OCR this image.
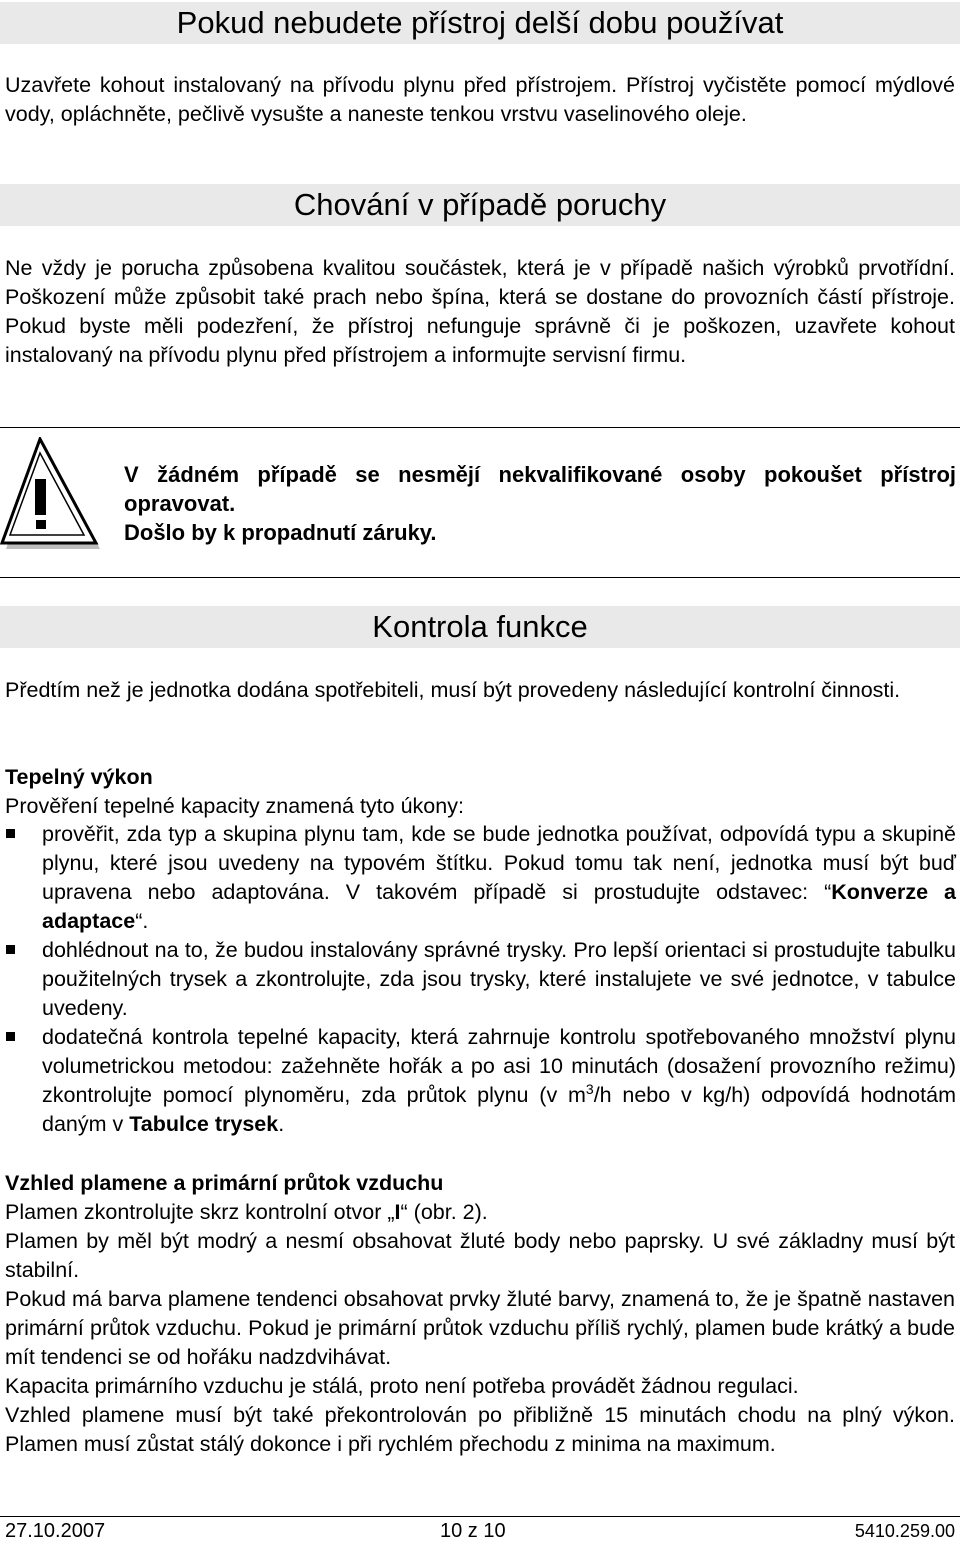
Pokud nebudete přístroj delší dobu používat

Uzavřete kohout instalovaný na přívodu plynu před přístrojem. Přístroj vyčistěte pomocí mýdlové vody, opláchněte, pečlivě vysušte a naneste tenkou vrstvu vaselinového oleje.

Chování v případě poruchy

Ne vždy je porucha způsobena kvalitou součástek, která je v případě našich výrobků prvotřídní. Poškození může způsobit také prach nebo špína, která se dostane do provozních částí přístroje. Pokud byste měli podezření, že přístroj nefunguje správně či je poškozen, uzavřete kohout instalovaný na přívodu plynu před přístrojem a informujte servisní firmu.

V žádném případě se nesmějí nekvalifikované osoby pokoušet přístroj opravovat.
Došlo by k propadnutí záruky.
Kontrola funkce

Předtím než je jednotka dodána spotřebiteli, musí být provedeny následující kontrolní činnosti.

Tepelný výkon

Prověření tepelné kapacity znamená tyto úkony:

prověřit, zda typ a skupina plynu tam, kde se bude jednotka používat, odpovídá typu a skupině plynu, které jsou uvedeny na typovém štítku. Pokud tomu tak není, jednotka musí být buď upravena nebo adaptována. V takovém případě si prostudujte odstavec: “Konverze a adaptace“.
dohlédnout na to, že budou instalovány správné trysky. Pro lepší orientaci si prostudujte tabulku použitelných trysek a zkontrolujte, zda jsou trysky, které instalujete ve své jednotce, v tabulce uvedeny.
dodatečná kontrola tepelné kapacity, která zahrnuje kontrolu spotřebovaného množství plynu volumetrickou metodou: zažehněte hořák a po asi 10 minutách (dosažení provozního režimu) zkontrolujte pomocí plynoměru, zda průtok plynu (v $m^3/h$ nebo v kg/h) odpovídá hodnotám daným v Tabulce trysek.

Vzhled plamene a primární průtok vzduchu

Plamen zkontrolujte skrz kontrolní otvor „I“ (obr. 2).

Plamen by měl být modrý a nesmí obsahovat žluté body nebo paprsky. U své základny musí být stabilní.

Pokud má barva plamene tendenci obsahovat prvky žluté barvy, znamená to, že je špatně nastaven primární průtok vzduchu. Pokud je primární průtok vzduchu příliš rychlý, plamen bude krátký a bude mít tendenci se od hořáku nadzdvihávat.

Kapacita primárního vzduchu je stálá, proto není potřeba provádět žádnou regulaci.

Vzhled plamene musí být také překontrolován po přibližně 15 minutách chodu na plný výkon. Plamen musí zůstat stálý dokonce i při rychlém přechodu z minima na maximum.

27.10.2007	10 z 10	5410.259.00
